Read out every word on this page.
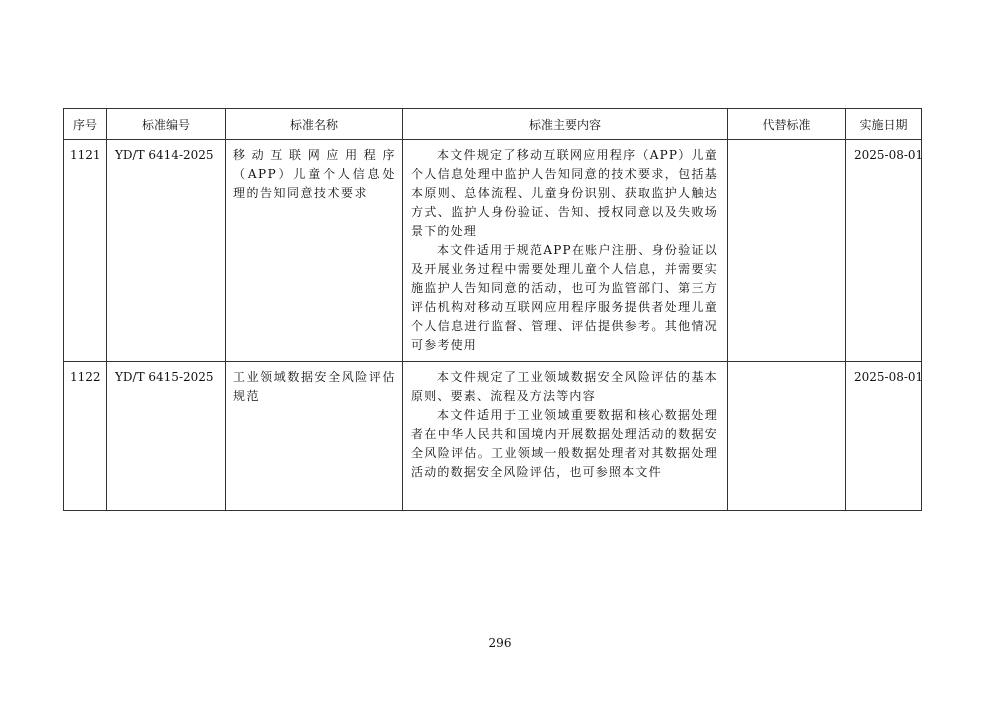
序号	标准编号	标准名称	标准主要内容	代替标准	实施日期

1121	YD/T 6414-2025	移动互联网应用程序（APP）儿童个人信息处理的告知同意技术要求	本文件规定了移动互联网应用程序（APP）儿童个人信息处理中监护人告知同意的技术要求，包括基本原则、总体流程、儿童身份识别、获取监护人触达方式、监护人身份验证、告知、授权同意以及失败场景下的处理

本文件适用于规范APP在账户注册、身份验证以及开展业务过程中需要处理儿童个人信息，并需要实施监护人告知同意的活动，也可为监管部门、第三方评估机构对移动互联网应用程序服务提供者处理儿童个人信息进行监督、管理、评估提供参考。其他情况可参考使用		2025-08-01

1122	YD/T 6415-2025	工业领域数据安全风险评估规范	本文件规定了工业领域数据安全风险评估的基本原则、要素、流程及方法等内容

本文件适用于工业领域重要数据和核心数据处理者在中华人民共和国境内开展数据处理活动的数据安全风险评估。工业领域一般数据处理者对其数据处理活动的数据安全风险评估，也可参照本文件		2025-08-01
296
